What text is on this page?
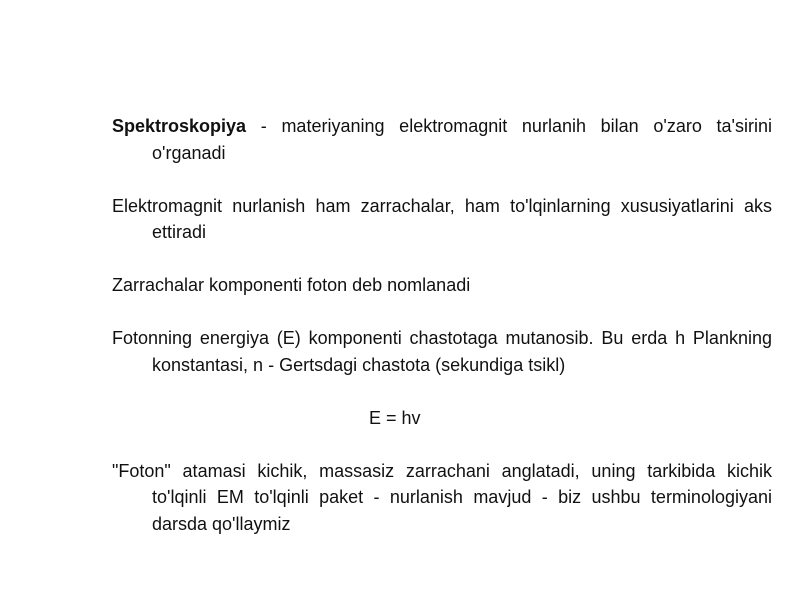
Spektroskopiya - materiyaning elektromagnit nurlanih bilan o'zaro ta'sirini o'rganadi

Elektromagnit nurlanish ham zarrachalar, ham to'lqinlarning xususiyatlarini aks ettiradi

Zarrachalar komponenti foton deb nomlanadi

Fotonning energiya (E) komponenti chastotaga mutanosib. Bu erda h Plankning konstantasi, n - Gertsdagi chastota (sekundiga tsikl)

E = hv

"Foton" atamasi kichik, massasiz zarrachani anglatadi, uning tarkibida kichik to'lqinli EM to'lqinli paket - nurlanish mavjud - biz ushbu terminologiyani darsda qo'llaymiz
